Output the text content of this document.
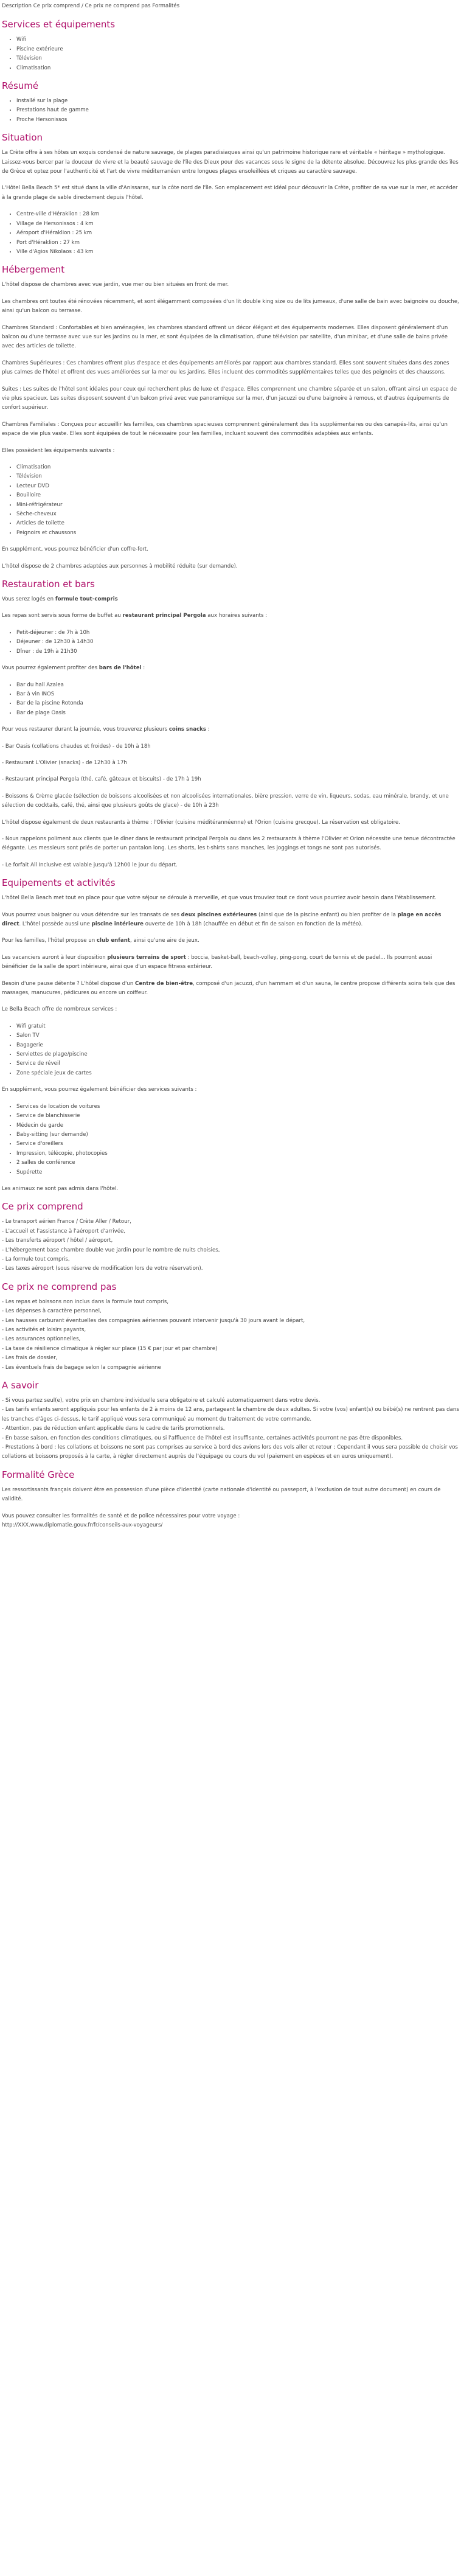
Description Ce prix comprend / Ce prix ne comprend pas Formalités
Services et équipements
• Wifi
• Piscine extérieure
• Télévision
• Climatisation
Résumé
• Installé sur la plage
• Prestations haut de gamme
• Proche Hersonissos
Situation

La Crète offre à ses hôtes un exquis condensé de nature sauvage, de plages paradisiaques ainsi qu'un patrimoine historique rare et véritable « héritage » mythologique. Laissez-vous bercer par la douceur de vivre et la beauté sauvage de l'île des Dieux pour des vacances sous le signe de la détente absolue. Découvrez les plus grande des îles de Grèce et optez pour l'authenticité et l'art de vivre méditerranéen entre longues plages ensoleillées et criques au caractère sauvage.

L'Hôtel Bella Beach 5* est situé dans la ville d'Anissaras, sur la côte nord de l'île. Son emplacement est idéal pour découvrir la Crète, profiter de sa vue sur la mer, et accéder à la grande plage de sable directement depuis l'hôtel.

• Centre-ville d'Héraklion : 28 km
• Village de Hersonissos : 4 km
• Aéroport d'Héraklion : 25 km
• Port d'Héraklion : 27 km
• Ville d'Agios Nikolaos : 43 km
Hébergement

L'hôtel dispose de chambres avec vue jardin, vue mer ou bien situées en front de mer.

Les chambres ont toutes été rénovées récemment, et sont élégamment composées d'un lit double king size ou de lits jumeaux, d'une salle de bain avec baignoire ou douche, ainsi qu'un balcon ou terrasse.

Chambres Standard : Confortables et bien aménagées, les chambres standard offrent un décor élégant et des équipements modernes. Elles disposent généralement d'un balcon ou d'une terrasse avec vue sur les jardins ou la mer, et sont équipées de la climatisation, d'une télévision par satellite, d'un minibar, et d'une salle de bains privée avec des articles de toilette.

Chambres Supérieures : Ces chambres offrent plus d'espace et des équipements améliorés par rapport aux chambres standard. Elles sont souvent situées dans des zones plus calmes de l'hôtel et offrent des vues améliorées sur la mer ou les jardins. Elles incluent des commodités supplémentaires telles que des peignoirs et des chaussons.

Suites : Les suites de l'hôtel sont idéales pour ceux qui recherchent plus de luxe et d'espace. Elles comprennent une chambre séparée et un salon, offrant ainsi un espace de vie plus spacieux. Les suites disposent souvent d'un balcon privé avec vue panoramique sur la mer, d'un jacuzzi ou d'une baignoire à remous, et d'autres équipements de confort supérieur.

Chambres Familiales : Conçues pour accueillir les familles, ces chambres spacieuses comprennent généralement des lits supplémentaires ou des canapés-lits, ainsi qu'un espace de vie plus vaste. Elles sont équipées de tout le nécessaire pour les familles, incluant souvent des commodités adaptées aux enfants.

Elles possèdent les équipements suivants :

• Climatisation
• Télévision
• Lecteur DVD
• Bouilloire
• Mini-réfrigérateur
• Sèche-cheveux
• Articles de toilette
• Peignoirs et chaussons

En supplément, vous pourrez bénéficier d'un coffre-fort.

L'hôtel dispose de 2 chambres adaptées aux personnes à mobilité réduite (sur demande).

Restauration et bars

Vous serez logés en formule tout-compris

Les repas sont servis sous forme de buffet au restaurant principal Pergola aux horaires suivants :

• Petit-déjeuner : de 7h à 10h
• Déjeuner : de 12h30 à 14h30
• Dîner : de 19h à 21h30

Vous pourrez également profiter des bars de l'hôtel :

• Bar du hall Azalea
• Bar à vin INOS
• Bar de la piscine Rotonda
• Bar de plage Oasis

Pour vous restaurer durant la journée, vous trouverez plusieurs coins snacks :

- Bar Oasis (collations chaudes et froides) - de 10h à 18h

- Restaurant L'Olivier (snacks) - de 12h30 à 17h

- Restaurant principal Pergola (thé, café, gâteaux et biscuits) - de 17h à 19h

- Boissons & Crème glacée (sélection de boissons alcoolisées et non alcoolisées internationales, bière pression, verre de vin, liqueurs, sodas, eau minérale, brandy, et une sélection de cocktails, café, thé, ainsi que plusieurs goûts de glace) - de 10h à 23h

L'hôtel dispose également de deux restaurants à thème : l'Olivier (cuisine méditérannéenne) et l'Orion (cuisine grecque). La réservation est obligatoire.

- Nous rappelons poliment aux clients que le dîner dans le restaurant principal Pergola ou dans les 2 restaurants à thème l'Olivier et Orion nécessite une tenue décontractée élégante. Les messieurs sont priés de porter un pantalon long. Les shorts, les t-shirts sans manches, les joggings et tongs ne sont pas autorisés.

- Le forfait All Inclusive est valable jusqu'à 12h00 le jour du départ.

Equipements et activités

L'hôtel Bella Beach met tout en place pour que votre séjour se déroule à merveille, et que vous trouviez tout ce dont vous pourriez avoir besoin dans l'établissement.

Vous pourrez vous baigner ou vous détendre sur les transats de ses deux piscines extérieures (ainsi que de la piscine enfant) ou bien profiter de la plage en accès direct. L'hôtel possède aussi une piscine intérieure ouverte de 10h à 18h (chauffée en début et fin de saison en fonction de la météo).

Pour les familles, l'hôtel propose un club enfant, ainsi qu'une aire de jeux.

Les vacanciers auront à leur disposition plusieurs terrains de sport : boccia, basket-ball, beach-volley, ping-pong, court de tennis et de padel... Ils pourront aussi bénéficier de la salle de sport intérieure, ainsi que d'un espace fitness extérieur.

Besoin d'une pause détente ? L'hôtel dispose d'un Centre de bien-être, composé d'un jacuzzi, d'un hammam et d'un sauna, le centre propose différents soins tels que des massages, manucures, pédicures ou encore un coiffeur.

Le Bella Beach offre de nombreux services :

• Wifi gratuit
• Salon TV
• Bagagerie
• Serviettes de plage/piscine
• Service de réveil
• Zone spéciale jeux de cartes

En supplément, vous pourrez également bénéficier des services suivants :

• Services de location de voitures
• Service de blanchisserie
• Médecin de garde
• Baby-sitting (sur demande)
• Service d'oreillers
• Impression, télécopie, photocopies
• 2 salles de conférence
• Supérette

Les animaux ne sont pas admis dans l'hôtel.

Ce prix comprend

- Le transport aérien France / Crète Aller / Retour,

- L'accueil et l'assistance à l'aéroport d'arrivée,

- Les transferts aéroport / hôtel / aéroport,

- L'hébergement base chambre double vue jardin pour le nombre de nuits choisies,

- La formule tout compris,

- Les taxes aéroport (sous réserve de modification lors de votre réservation).

Ce prix ne comprend pas

- Les repas et boissons non inclus dans la formule tout compris,

- Les dépenses à caractère personnel,

- Les hausses carburant éventuelles des compagnies aériennes pouvant intervenir jusqu'à 30 jours avant le départ,

- Les activités et loisirs payants,

- Les assurances optionnelles,

- La taxe de résilience climatique à régler sur place (15 € par jour et par chambre)

- Les frais de dossier,

- Les éventuels frais de bagage selon la compagnie aérienne

A savoir

- Si vous partez seul(e), votre prix en chambre individuelle sera obligatoire et calculé automatiquement dans votre devis.

- Les tarifs enfants seront appliqués pour les enfants de 2 à moins de 12 ans, partageant la chambre de deux adultes. Si votre (vos) enfant(s) ou bébé(s) ne rentrent pas dans les tranches d'âges ci-dessus, le tarif appliqué vous sera communiqué au moment du traitement de votre commande.

- Attention, pas de réduction enfant applicable dans le cadre de tarifs promotionnels.

- En basse saison, en fonction des conditions climatiques, ou si l'affluence de l'hôtel est insuffisante, certaines activités pourront ne pas être disponibles.

- Prestations à bord : les collations et boissons ne sont pas comprises au service à bord des avions lors des vols aller et retour ; Cependant il vous sera possible de choisir vos collations et boissons proposés à la carte, à régler directement auprès de l'équipage ou cours du vol (paiement en espèces et en euros uniquement).

Formalité Grèce

Les ressortissants français doivent être en possession d'une pièce d'identité (carte nationale d'identité ou passeport, à l'exclusion de tout autre document) en cours de validité.

Vous pouvez consulter les formalités de santé et de police nécessaires pour votre voyage :

http://XXX.www.diplomatie.gouv.fr/fr/conseils-aux-voyageurs/
